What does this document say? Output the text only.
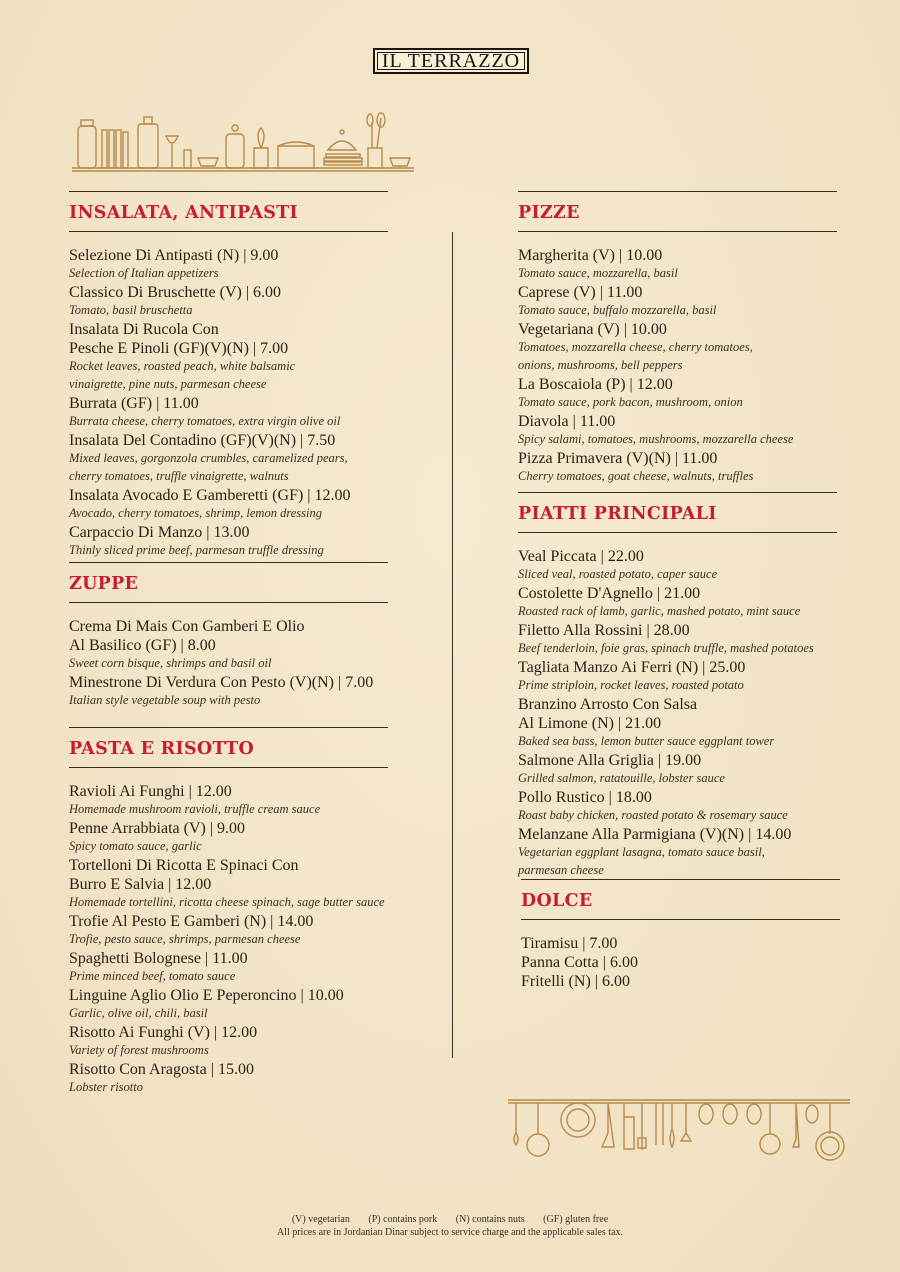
IL TERRAZZO
INSALATA, ANTIPASTI
Selezione Di Antipasti (N) | 9.00
Selection of Italian appetizers
Classico Di Bruschette (V) | 6.00
Tomato, basil bruschetta
Insalata Di Rucola Con
Pesche E Pinoli (GF)(V)(N) | 7.00
Rocket leaves, roasted peach, white balsamic
vinaigrette, pine nuts, parmesan cheese
Burrata (GF) | 11.00
Burrata cheese, cherry tomatoes, extra virgin olive oil
Insalata Del Contadino (GF)(V)(N) | 7.50
Mixed leaves, gorgonzola crumbles, caramelized pears,
cherry tomatoes, truffle vinaigrette, walnuts
Insalata Avocado E Gamberetti (GF) | 12.00
Avocado, cherry tomatoes, shrimp, lemon dressing
Carpaccio Di Manzo | 13.00
Thinly sliced prime beef, parmesan truffle dressing
ZUPPE
Crema Di Mais Con Gamberi E Olio
Al Basilico (GF) | 8.00
Sweet corn bisque, shrimps and basil oil
Minestrone Di Verdura Con Pesto (V)(N) | 7.00
Italian style vegetable soup with pesto
PASTA E RISOTTO
Ravioli Ai Funghi | 12.00
Homemade mushroom ravioli, truffle cream sauce
Penne Arrabbiata (V) | 9.00
Spicy tomato sauce, garlic
Tortelloni Di Ricotta E Spinaci Con
Burro E Salvia | 12.00
Homemade tortellini, ricotta cheese spinach, sage butter sauce
Trofie Al Pesto E Gamberi (N) | 14.00
Trofie, pesto sauce, shrimps, parmesan cheese
Spaghetti Bolognese | 11.00
Prime minced beef, tomato sauce
Linguine Aglio Olio E Peperoncino | 10.00
Garlic, olive oil, chili, basil
Risotto Ai Funghi (V) | 12.00
Variety of forest mushrooms
Risotto Con Aragosta | 15.00
Lobster risotto
PIZZE
Margherita (V) | 10.00
Tomato sauce, mozzarella, basil
Caprese (V) | 11.00
Tomato sauce, buffalo mozzarella, basil
Vegetariana (V) | 10.00
Tomatoes, mozzarella cheese, cherry tomatoes,
onions, mushrooms, bell peppers
La Boscaiola (P) | 12.00
Tomato sauce, pork bacon, mushroom, onion
Diavola | 11.00
Spicy salami, tomatoes, mushrooms, mozzarella cheese
Pizza Primavera (V)(N) | 11.00
Cherry tomatoes, goat cheese, walnuts, truffles
PIATTI PRINCIPALI
Veal Piccata | 22.00
Sliced veal, roasted potato, caper sauce
Costolette D'Agnello | 21.00
Roasted rack of lamb, garlic, mashed potato, mint sauce
Filetto Alla Rossini | 28.00
Beef tenderloin, foie gras, spinach truffle, mashed potatoes
Tagliata Manzo Ai Ferri (N) | 25.00
Prime striploin, rocket leaves, roasted potato
Branzino Arrosto Con Salsa
Al Limone (N) | 21.00
Baked sea bass, lemon butter sauce eggplant tower
Salmone Alla Griglia | 19.00
Grilled salmon, ratatouille, lobster sauce
Pollo Rustico | 18.00
Roast baby chicken, roasted potato & rosemary sauce
Melanzane Alla Parmigiana (V)(N) | 14.00
Vegetarian eggplant lasagna, tomato sauce basil,
parmesan cheese
DOLCE
Tiramisu | 7.00
Panna Cotta | 6.00
Fritelli (N) | 6.00
(V) vegetarian (P) contains pork (N) contains nuts (GF) gluten free
All prices are in Jordanian Dinar subject to service charge and the applicable sales tax.
